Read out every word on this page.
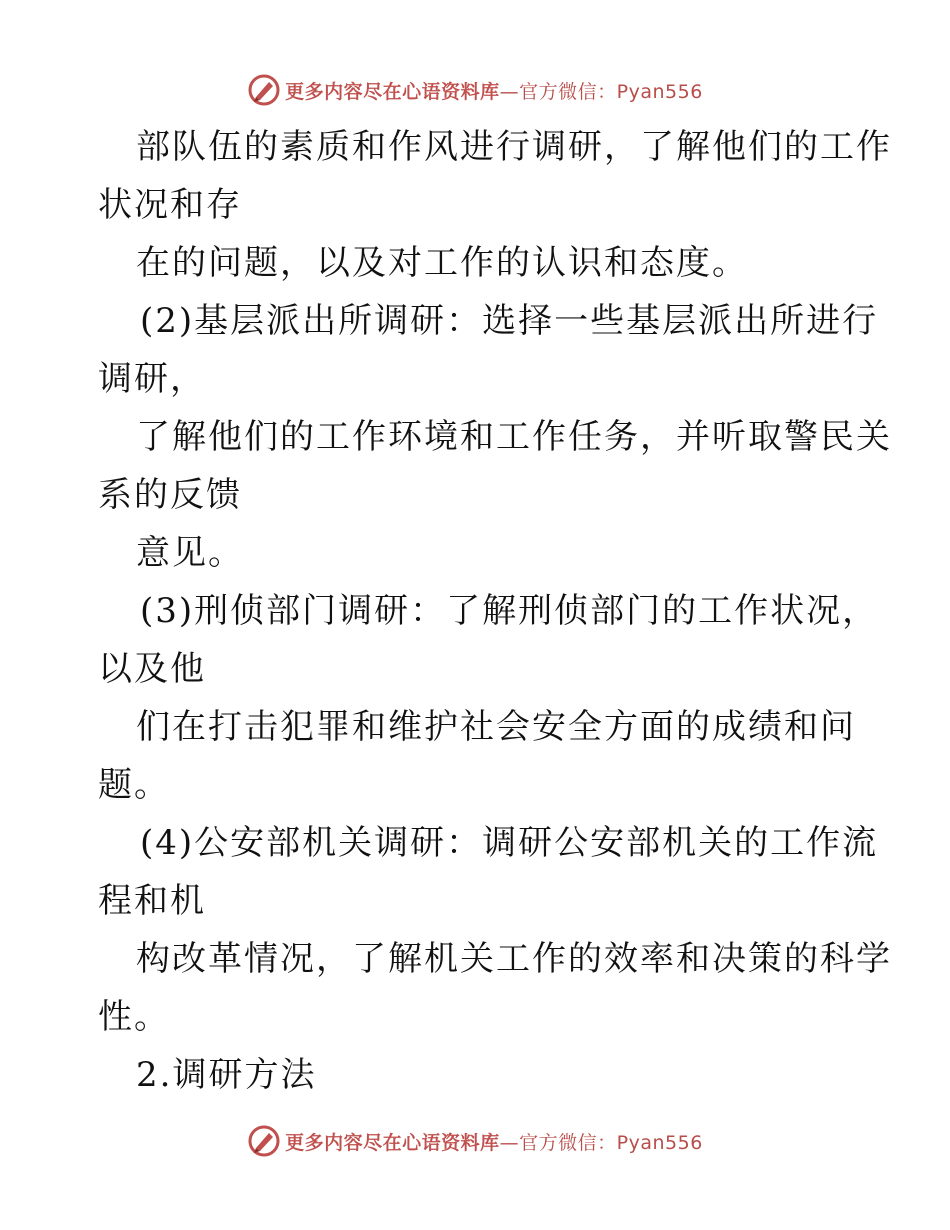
更多内容尽在心语资料库—官方微信：Pyan556
部队伍的素质和作风进行调研，了解他们的工作
状况和存
在的问题，以及对工作的认识和态度。
(2)基层派出所调研：选择一些基层派出所进行
调研，
了解他们的工作环境和工作任务，并听取警民关
系的反馈
意见。
(3)刑侦部门调研：了解刑侦部门的工作状况，
以及他
们在打击犯罪和维护社会安全方面的成绩和问
题。
(4)公安部机关调研：调研公安部机关的工作流
程和机
构改革情况，了解机关工作的效率和决策的科学
性。
2.调研方法
更多内容尽在心语资料库—官方微信：Pyan556
